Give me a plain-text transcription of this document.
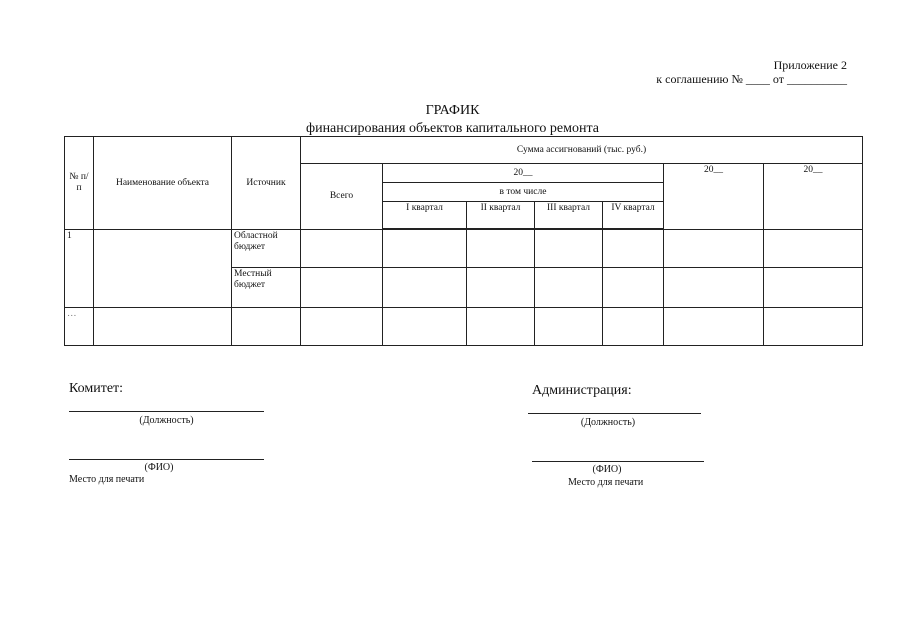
Приложение 2
к соглашению № ____ от __________
ГРАФИК
финансирования объектов капитального ремонта
№ п/п	Наименование объекта	Источник	Сумма ассигнований (тыс. руб.)						
			Всего	20__				20__	20__
				в том числе					
				I квартал	II квартал	III квартал	IV квартал		

1		Областной бюджет							
		Местный бюджет							
…									
Комитет:
(Должность)
(ФИО)
Место для печати
Администрация:
(Должность)
(ФИО)
Место для печати
